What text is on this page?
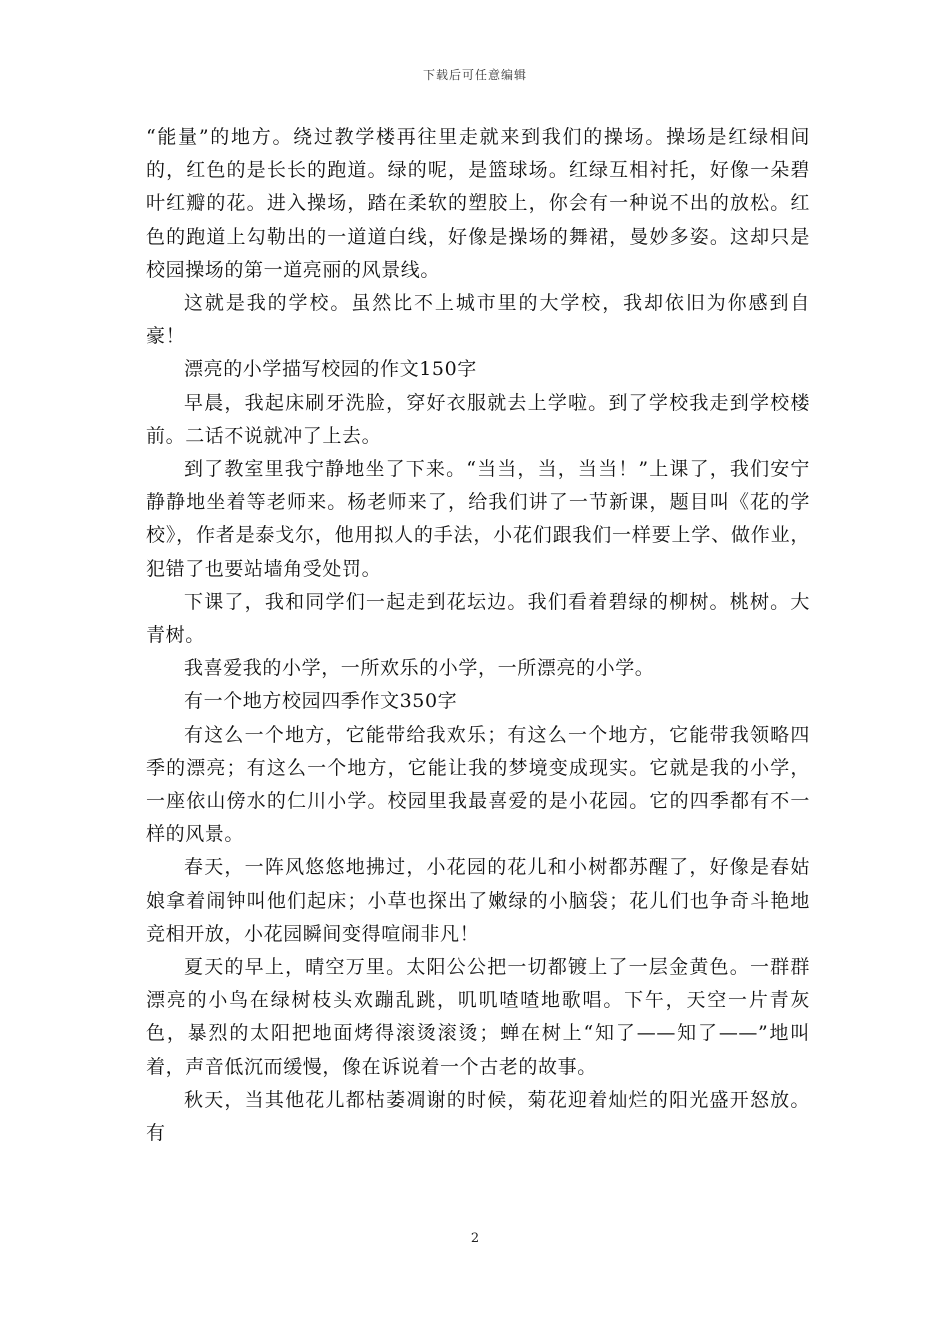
下载后可任意编辑

“能量”的地方。绕过教学楼再往里走就来到我们的操场。操场是红绿相间的，红色的是长长的跑道。绿的呢，是篮球场。红绿互相衬托，好像一朵碧叶红瓣的花。进入操场，踏在柔软的塑胶上，你会有一种说不出的放松。红色的跑道上勾勒出的一道道白线，好像是操场的舞裙，曼妙多姿。这却只是校园操场的第一道亮丽的风景线。

这就是我的学校。虽然比不上城市里的大学校，我却依旧为你感到自豪！

漂亮的小学描写校园的作文150字

早晨，我起床刷牙洗脸，穿好衣服就去上学啦。到了学校我走到学校楼前。二话不说就冲了上去。

到了教室里我宁静地坐了下来。“当当，当，当当！”上课了，我们安宁静静地坐着等老师来。杨老师来了，给我们讲了一节新课，题目叫《花的学校》，作者是泰戈尔，他用拟人的手法，小花们跟我们一样要上学、做作业，犯错了也要站墙角受处罚。

下课了，我和同学们一起走到花坛边。我们看着碧绿的柳树。桃树。大青树。

我喜爱我的小学，一所欢乐的小学，一所漂亮的小学。

有一个地方校园四季作文350字

有这么一个地方，它能带给我欢乐；有这么一个地方，它能带我领略四季的漂亮；有这么一个地方，它能让我的梦境变成现实。它就是我的小学，一座依山傍水的仁川小学。校园里我最喜爱的是小花园。它的四季都有不一样的风景。

春天，一阵风悠悠地拂过，小花园的花儿和小树都苏醒了，好像是春姑娘拿着闹钟叫他们起床；小草也探出了嫩绿的小脑袋；花儿们也争奇斗艳地竞相开放，小花园瞬间变得喧闹非凡！

夏天的早上，晴空万里。太阳公公把一切都镀上了一层金黄色。一群群漂亮的小鸟在绿树枝头欢蹦乱跳，叽叽喳喳地歌唱。下午，天空一片青灰色，暴烈的太阳把地面烤得滚烫滚烫；蝉在树上“知了——知了——”地叫着，声音低沉而缓慢，像在诉说着一个古老的故事。

秋天，当其他花儿都枯萎凋谢的时候，菊花迎着灿烂的阳光盛开怒放。有

2
